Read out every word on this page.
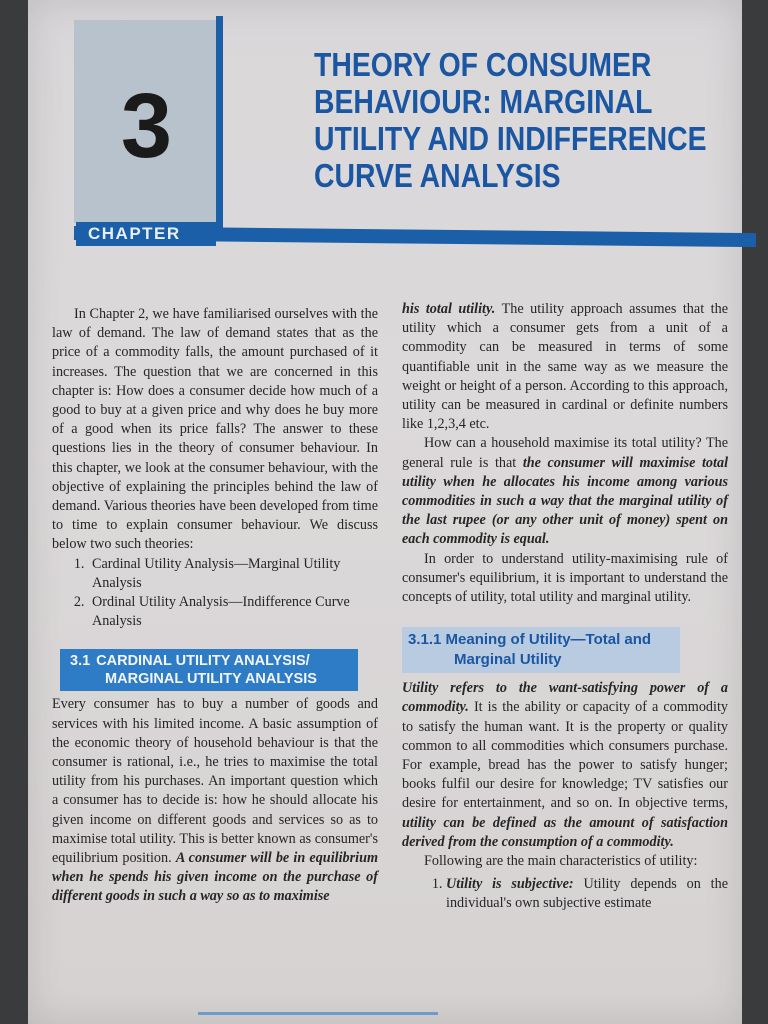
3
CHAPTER
THEORY OF CONSUMER
BEHAVIOUR: MARGINAL
UTILITY AND INDIFFERENCE
CURVE ANALYSIS

In Chapter 2, we have familiarised ourselves with the law of demand. The law of demand states that as the price of a commodity falls, the amount purchased of it increases. The question that we are concerned in this chapter is: How does a consumer decide how much of a good to buy at a given price and why does he buy more of a good when its price falls? The answer to these questions lies in the theory of consumer behaviour. In this chapter, we look at the consumer behaviour, with the objective of explaining the principles behind the law of demand. Various theories have been developed from time to time to explain consumer behaviour. We discuss below two such theories:

1. Cardinal Utility Analysis—Marginal Utility Analysis
2. Ordinal Utility Analysis—Indifference Curve Analysis
3.1 CARDINAL UTILITY ANALYSIS/
MARGINAL UTILITY ANALYSIS

Every consumer has to buy a number of goods and services with his limited income. A basic assumption of the economic theory of household behaviour is that the consumer is rational, i.e., he tries to maximise the total utility from his purchases. An important question which a consumer has to decide is: how he should allocate his given income on different goods and services so as to maximise total utility. This is better known as consumer's equilibrium position. A consumer will be in equilibrium when he spends his given income on the purchase of different goods in such a way so as to maximise

his total utility. The utility approach assumes that the utility which a consumer gets from a unit of a commodity can be measured in terms of some quantifiable unit in the same way as we measure the weight or height of a person. According to this approach, utility can be measured in cardinal or definite numbers like 1,2,3,4 etc.

How can a household maximise its total utility? The general rule is that the consumer will maximise total utility when he allocates his income among various commodities in such a way that the marginal utility of the last rupee (or any other unit of money) spent on each commodity is equal.

In order to understand utility-maximising rule of consumer's equilibrium, it is important to understand the concepts of utility, total utility and marginal utility.

3.1.1 Meaning of Utility—Total and
Marginal Utility

Utility refers to the want-satisfying power of a commodity. It is the ability or capacity of a commodity to satisfy the human want. It is the property or quality common to all commodities which consumers purchase. For example, bread has the power to satisfy hunger; books fulfil our desire for knowledge; TV satisfies our desire for entertainment, and so on. In objective terms, utility can be defined as the amount of satisfaction derived from the consumption of a commodity.

Following are the main characteristics of utility:

1. Utility is subjective: Utility depends on the individual's own subjective estimate
